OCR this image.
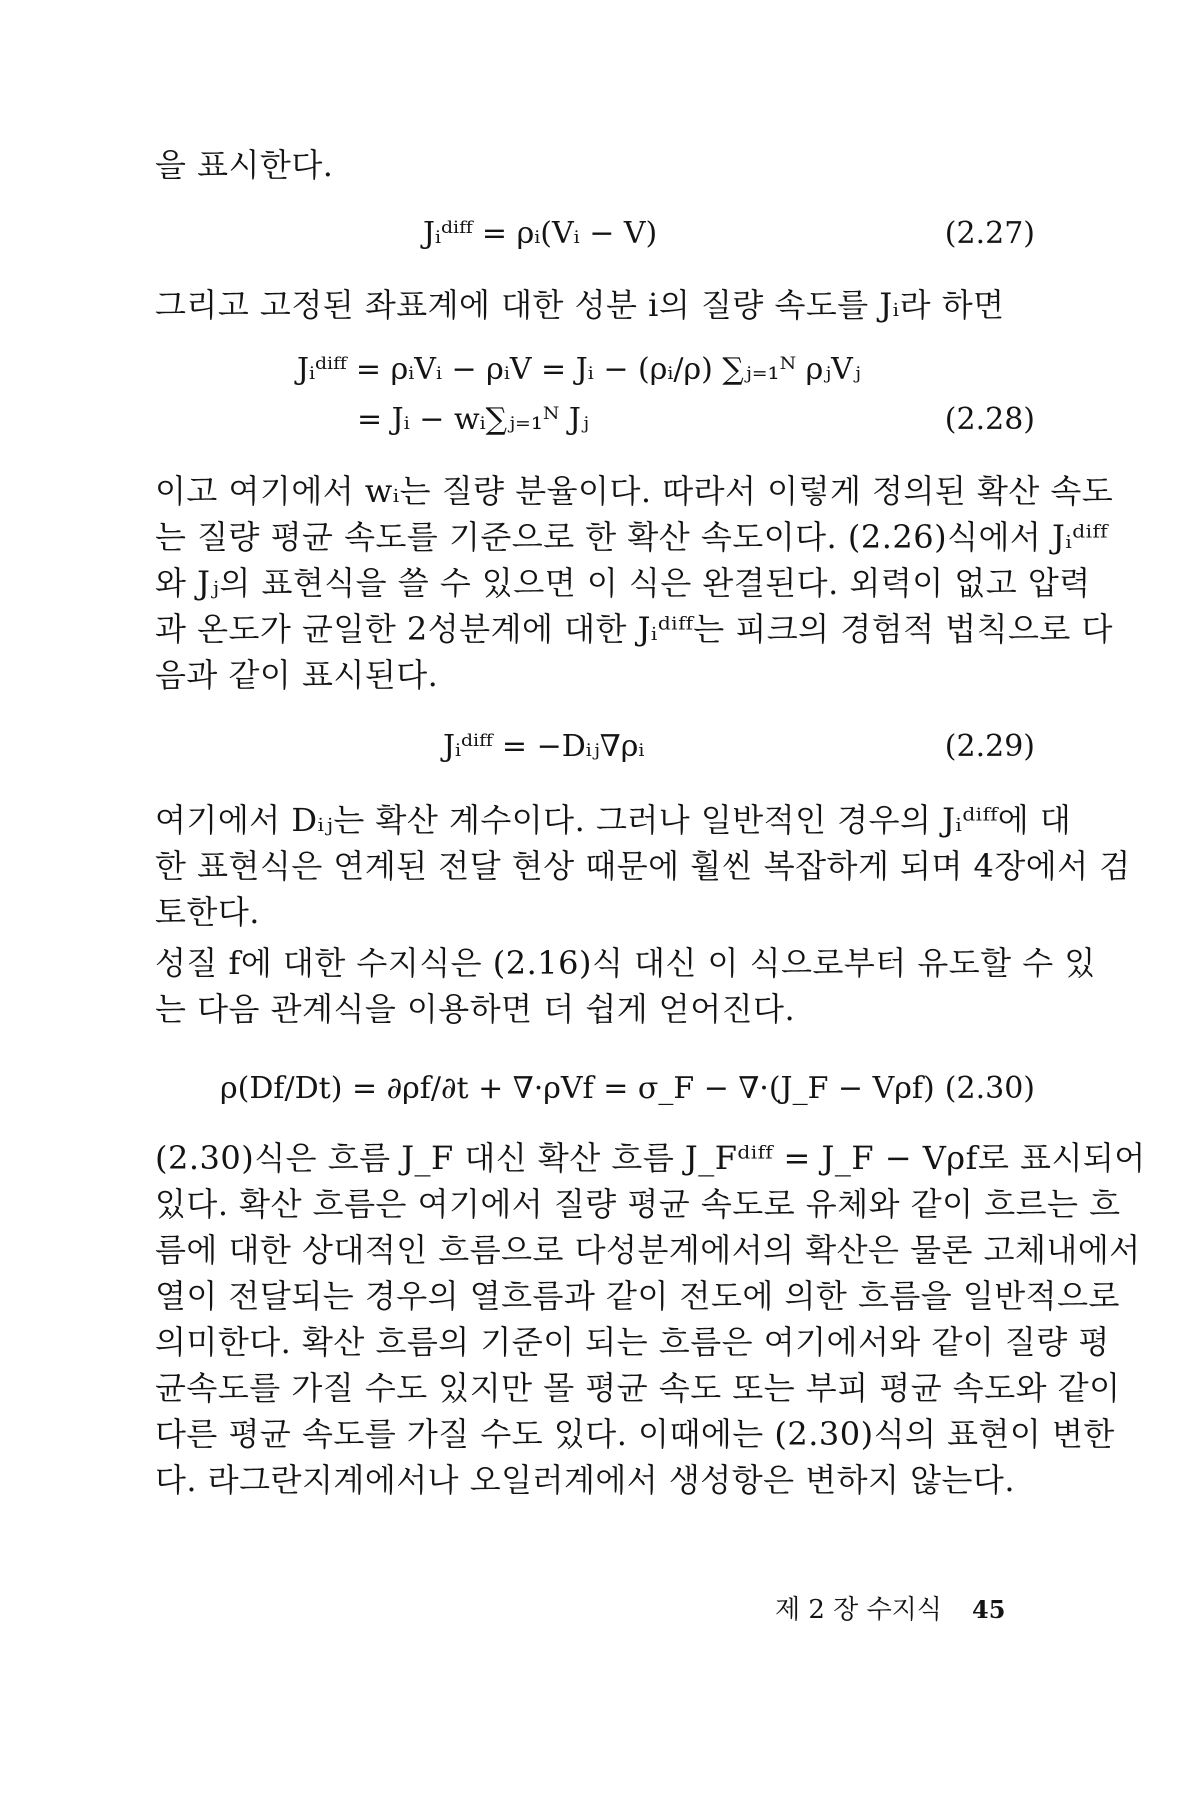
을 표시한다.
Jᵢᵈⁱᶠᶠ = ρᵢ(Vᵢ − V)	(2.27)
그리고 고정된 좌표계에 대한 성분 i의 질량 속도를 Jᵢ라 하면
Jᵢᵈⁱᶠᶠ = ρᵢVᵢ − ρᵢV = Jᵢ − (ρᵢ/ρ) ∑ⱼ₌₁ᴺ ρⱼVⱼ
= Jᵢ − wᵢ∑ⱼ₌₁ᴺ Jⱼ	(2.28)
이고 여기에서 wᵢ는 질량 분율이다. 따라서 이렇게 정의된 확산 속도
는 질량 평균 속도를 기준으로 한 확산 속도이다. (2.26)식에서 Jᵢᵈⁱᶠᶠ
와 Jⱼ의 표현식을 쓸 수 있으면 이 식은 완결된다. 외력이 없고 압력
과 온도가 균일한 2성분계에 대한 Jᵢᵈⁱᶠᶠ는 피크의 경험적 법칙으로 다
음과 같이 표시된다.
Jᵢᵈⁱᶠᶠ = −Dᵢⱼ∇ρᵢ	(2.29)
여기에서 Dᵢⱼ는 확산 계수이다. 그러나 일반적인 경우의 Jᵢᵈⁱᶠᶠ에 대
한 표현식은 연계된 전달 현상 때문에 훨씬 복잡하게 되며 4장에서 검
토한다.
성질 f에 대한 수지식은 (2.16)식 대신 이 식으로부터 유도할 수 있
는 다음 관계식을 이용하면 더 쉽게 얻어진다.
ρ(Df/Dt) = ∂ρf/∂t + ∇·ρVf = σ_F − ∇·(J_F − Vρf) (2.30)
(2.30)식은 흐름 J_F 대신 확산 흐름 J_Fᵈⁱᶠᶠ = J_F − Vρf로 표시되어
있다. 확산 흐름은 여기에서 질량 평균 속도로 유체와 같이 흐르는 흐
름에 대한 상대적인 흐름으로 다성분계에서의 확산은 물론 고체내에서
열이 전달되는 경우의 열흐름과 같이 전도에 의한 흐름을 일반적으로
의미한다. 확산 흐름의 기준이 되는 흐름은 여기에서와 같이 질량 평
균속도를 가질 수도 있지만 몰 평균 속도 또는 부피 평균 속도와 같이
다른 평균 속도를 가질 수도 있다. 이때에는 (2.30)식의 표현이 변한
다. 라그란지계에서나 오일러계에서 생성항은 변하지 않는다.
제 2 장 수지식 45
